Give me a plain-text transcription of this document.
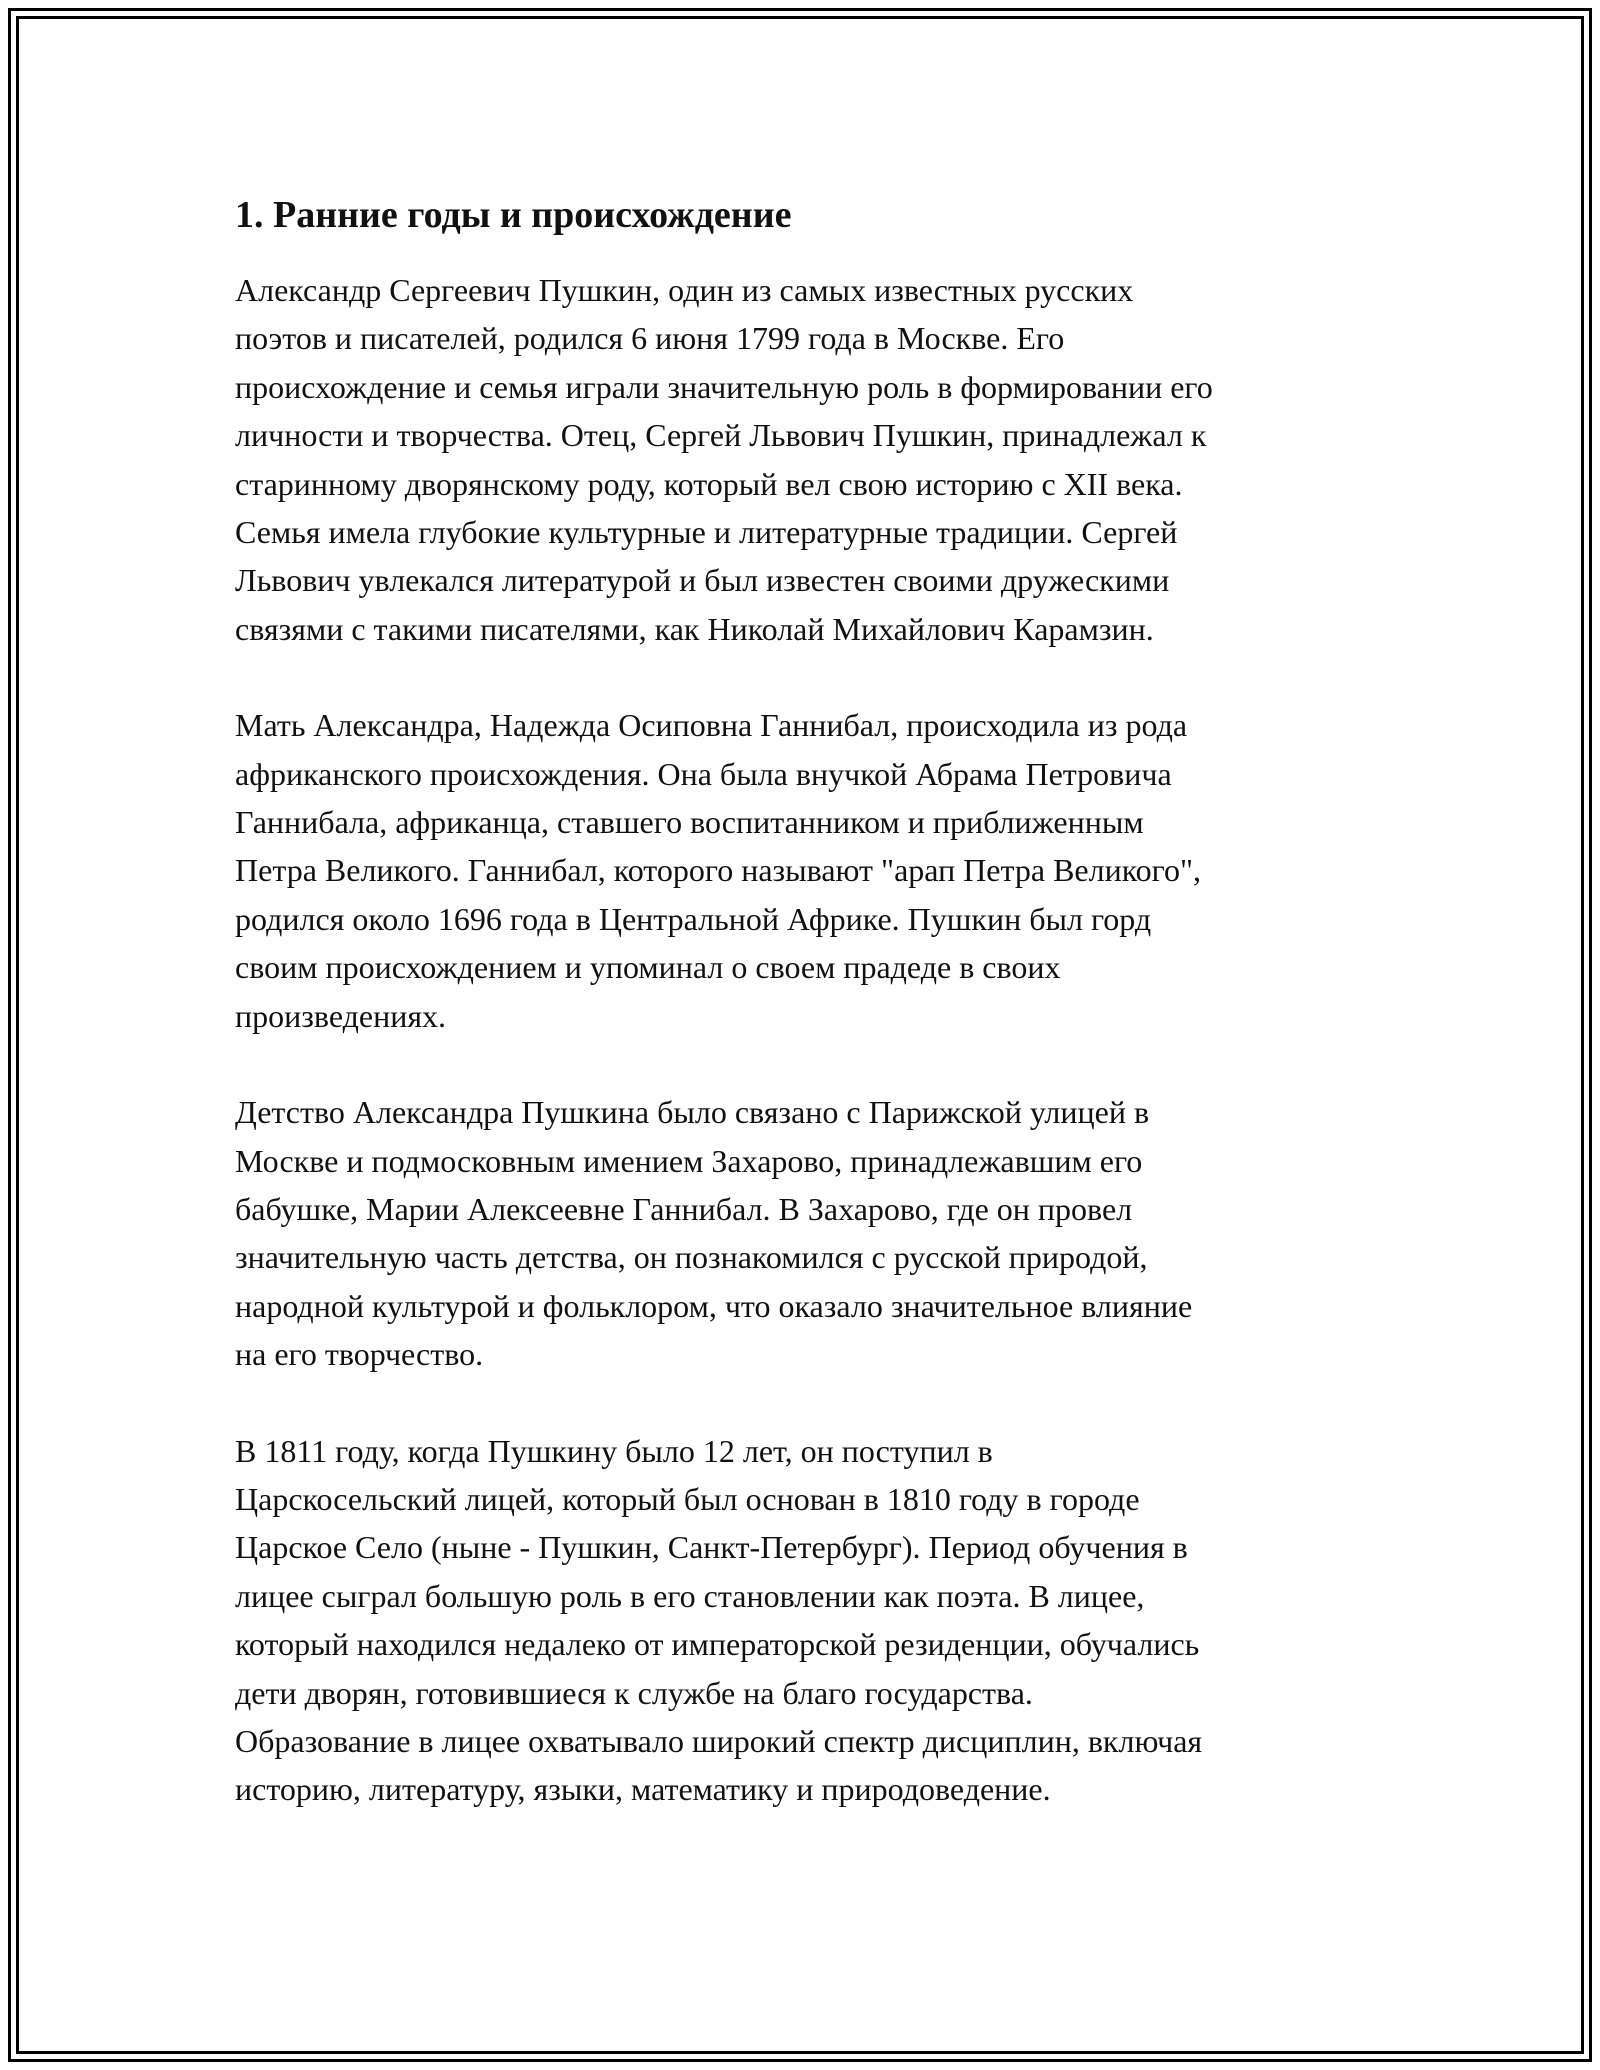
1. Ранние годы и происхождение

Александр Сергеевич Пушкин, один из самых известных русских
поэтов и писателей, родился 6 июня 1799 года в Москве. Его
происхождение и семья играли значительную роль в формировании его
личности и творчества. Отец, Сергей Львович Пушкин, принадлежал к
старинному дворянскому роду, который вел свою историю с XII века.
Семья имела глубокие культурные и литературные традиции. Сергей
Львович увлекался литературой и был известен своими дружескими
связями с такими писателями, как Николай Михайлович Карамзин.

Мать Александра, Надежда Осиповна Ганнибал, происходила из рода
африканского происхождения. Она была внучкой Абрама Петровича
Ганнибала, африканца, ставшего воспитанником и приближенным
Петра Великого. Ганнибал, которого называют "арап Петра Великого",
родился около 1696 года в Центральной Африке. Пушкин был горд
своим происхождением и упоминал о своем прадеде в своих
произведениях.

Детство Александра Пушкина было связано с Парижской улицей в
Москве и подмосковным имением Захарово, принадлежавшим его
бабушке, Марии Алексеевне Ганнибал. В Захарово, где он провел
значительную часть детства, он познакомился с русской природой,
народной культурой и фольклором, что оказало значительное влияние
на его творчество.

В 1811 году, когда Пушкину было 12 лет, он поступил в
Царскосельский лицей, который был основан в 1810 году в городе
Царское Село (ныне - Пушкин, Санкт-Петербург). Период обучения в
лицее сыграл большую роль в его становлении как поэта. В лицее,
который находился недалеко от императорской резиденции, обучались
дети дворян, готовившиеся к службе на благо государства.
Образование в лицее охватывало широкий спектр дисциплин, включая
историю, литературу, языки, математику и природоведение.
